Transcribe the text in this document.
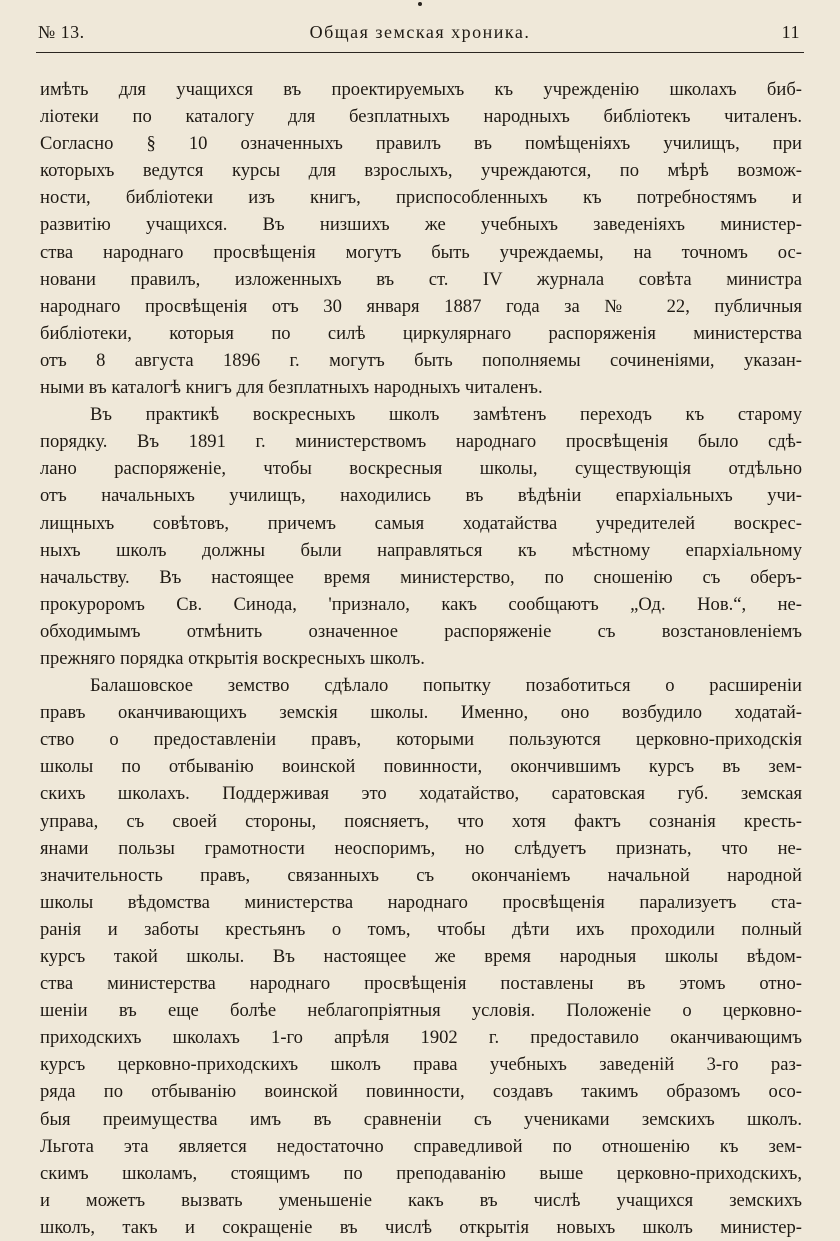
№ 13.	Общая земская хроника.	11
имѣть для учащихся въ проектируемыхъ къ учрежденію школахъ биб-
ліотеки по каталогу для безплатныхъ народныхъ библіотекъ читаленъ.
Согласно § 10 означенныхъ правилъ въ помѣщеніяхъ училищъ, при
которыхъ ведутся курсы для взрослыхъ, учреждаются, по мѣрѣ возмож-
ности, библіотеки изъ книгъ, приспособленныхъ къ потребностямъ и
развитію учащихся. Въ низшихъ же учебныхъ заведеніяхъ министер-
ства народнаго просвѣщенія могутъ быть учреждаемы, на точномъ ос-
новани правилъ, изложенныхъ въ ст. IV журнала совѣта министра
народнаго просвѣщенія отъ 30 января 1887 года за № 22, публичныя
библіотеки, которыя по силѣ циркулярнаго распоряженія министерства
отъ 8 августа 1896 г. могутъ быть пополняемы сочиненіями, указан-
ными въ каталогѣ книгъ для безплатныхъ народныхъ читаленъ.
Въ практикѣ воскресныхъ школъ замѣтенъ переходъ къ старому
порядку. Въ 1891 г. министерствомъ народнаго просвѣщенія было сдѣ-
лано распоряженіе, чтобы воскресныя школы, существующія отдѣльно
отъ начальныхъ училищъ, находились въ вѣдѣніи епархіальныхъ учи-
лищныхъ совѣтовъ, причемъ самыя ходатайства учредителей воскрес-
ныхъ школъ должны были направляться къ мѣстному епархіальному
начальству. Въ настоящее время министерство, по сношенію съ оберъ-
прокуроромъ Св. Синода, 'признало, какъ сообщаютъ „Од. Нов.“, не-
обходимымъ отмѣнить означенное распоряженіе съ возстановленіемъ
прежняго порядка открытія воскресныхъ школъ.
Балашовское земство сдѣлало попытку позаботиться о расширеніи
правъ оканчивающихъ земскія школы. Именно, оно возбудило ходатай-
ство о предоставленіи правъ, которыми пользуются церковно-приходскія
школы по отбыванію воинской повинности, окончившимъ курсъ въ зем-
скихъ школахъ. Поддерживая это ходатайство, саратовская губ. земская
управа, съ своей стороны, поясняетъ, что хотя фактъ сознанія кресть-
янами пользы грамотности неоспоримъ, но слѣдуетъ признать, что не-
значительность правъ, связанныхъ съ окончаніемъ начальной народной
школы вѣдомства министерства народнаго просвѣщенія парализуетъ ста-
ранія и заботы крестьянъ о томъ, чтобы дѣти ихъ проходили полный
курсъ такой школы. Въ настоящее же время народныя школы вѣдом-
ства министерства народнаго просвѣщенія поставлены въ этомъ отно-
шеніи въ еще болѣе неблагопріятныя условія. Положеніе о церковно-
приходскихъ школахъ 1-го апрѣля 1902 г. предоставило оканчивающимъ
курсъ церковно-приходскихъ школъ права учебныхъ заведеній 3-го раз-
ряда по отбыванію воинской повинности, создавъ такимъ образомъ осо-
быя преимущества имъ въ сравненіи съ учениками земскихъ школъ.
Льгота эта является недостаточно справедливой по отношенію къ зем-
скимъ школамъ, стоящимъ по преподаванію выше церковно-приходскихъ,
и можетъ вызвать уменьшеніе какъ въ числѣ учащихся земскихъ
школъ, такъ и сокращеніе въ числѣ открытія новыхъ школъ министер-
